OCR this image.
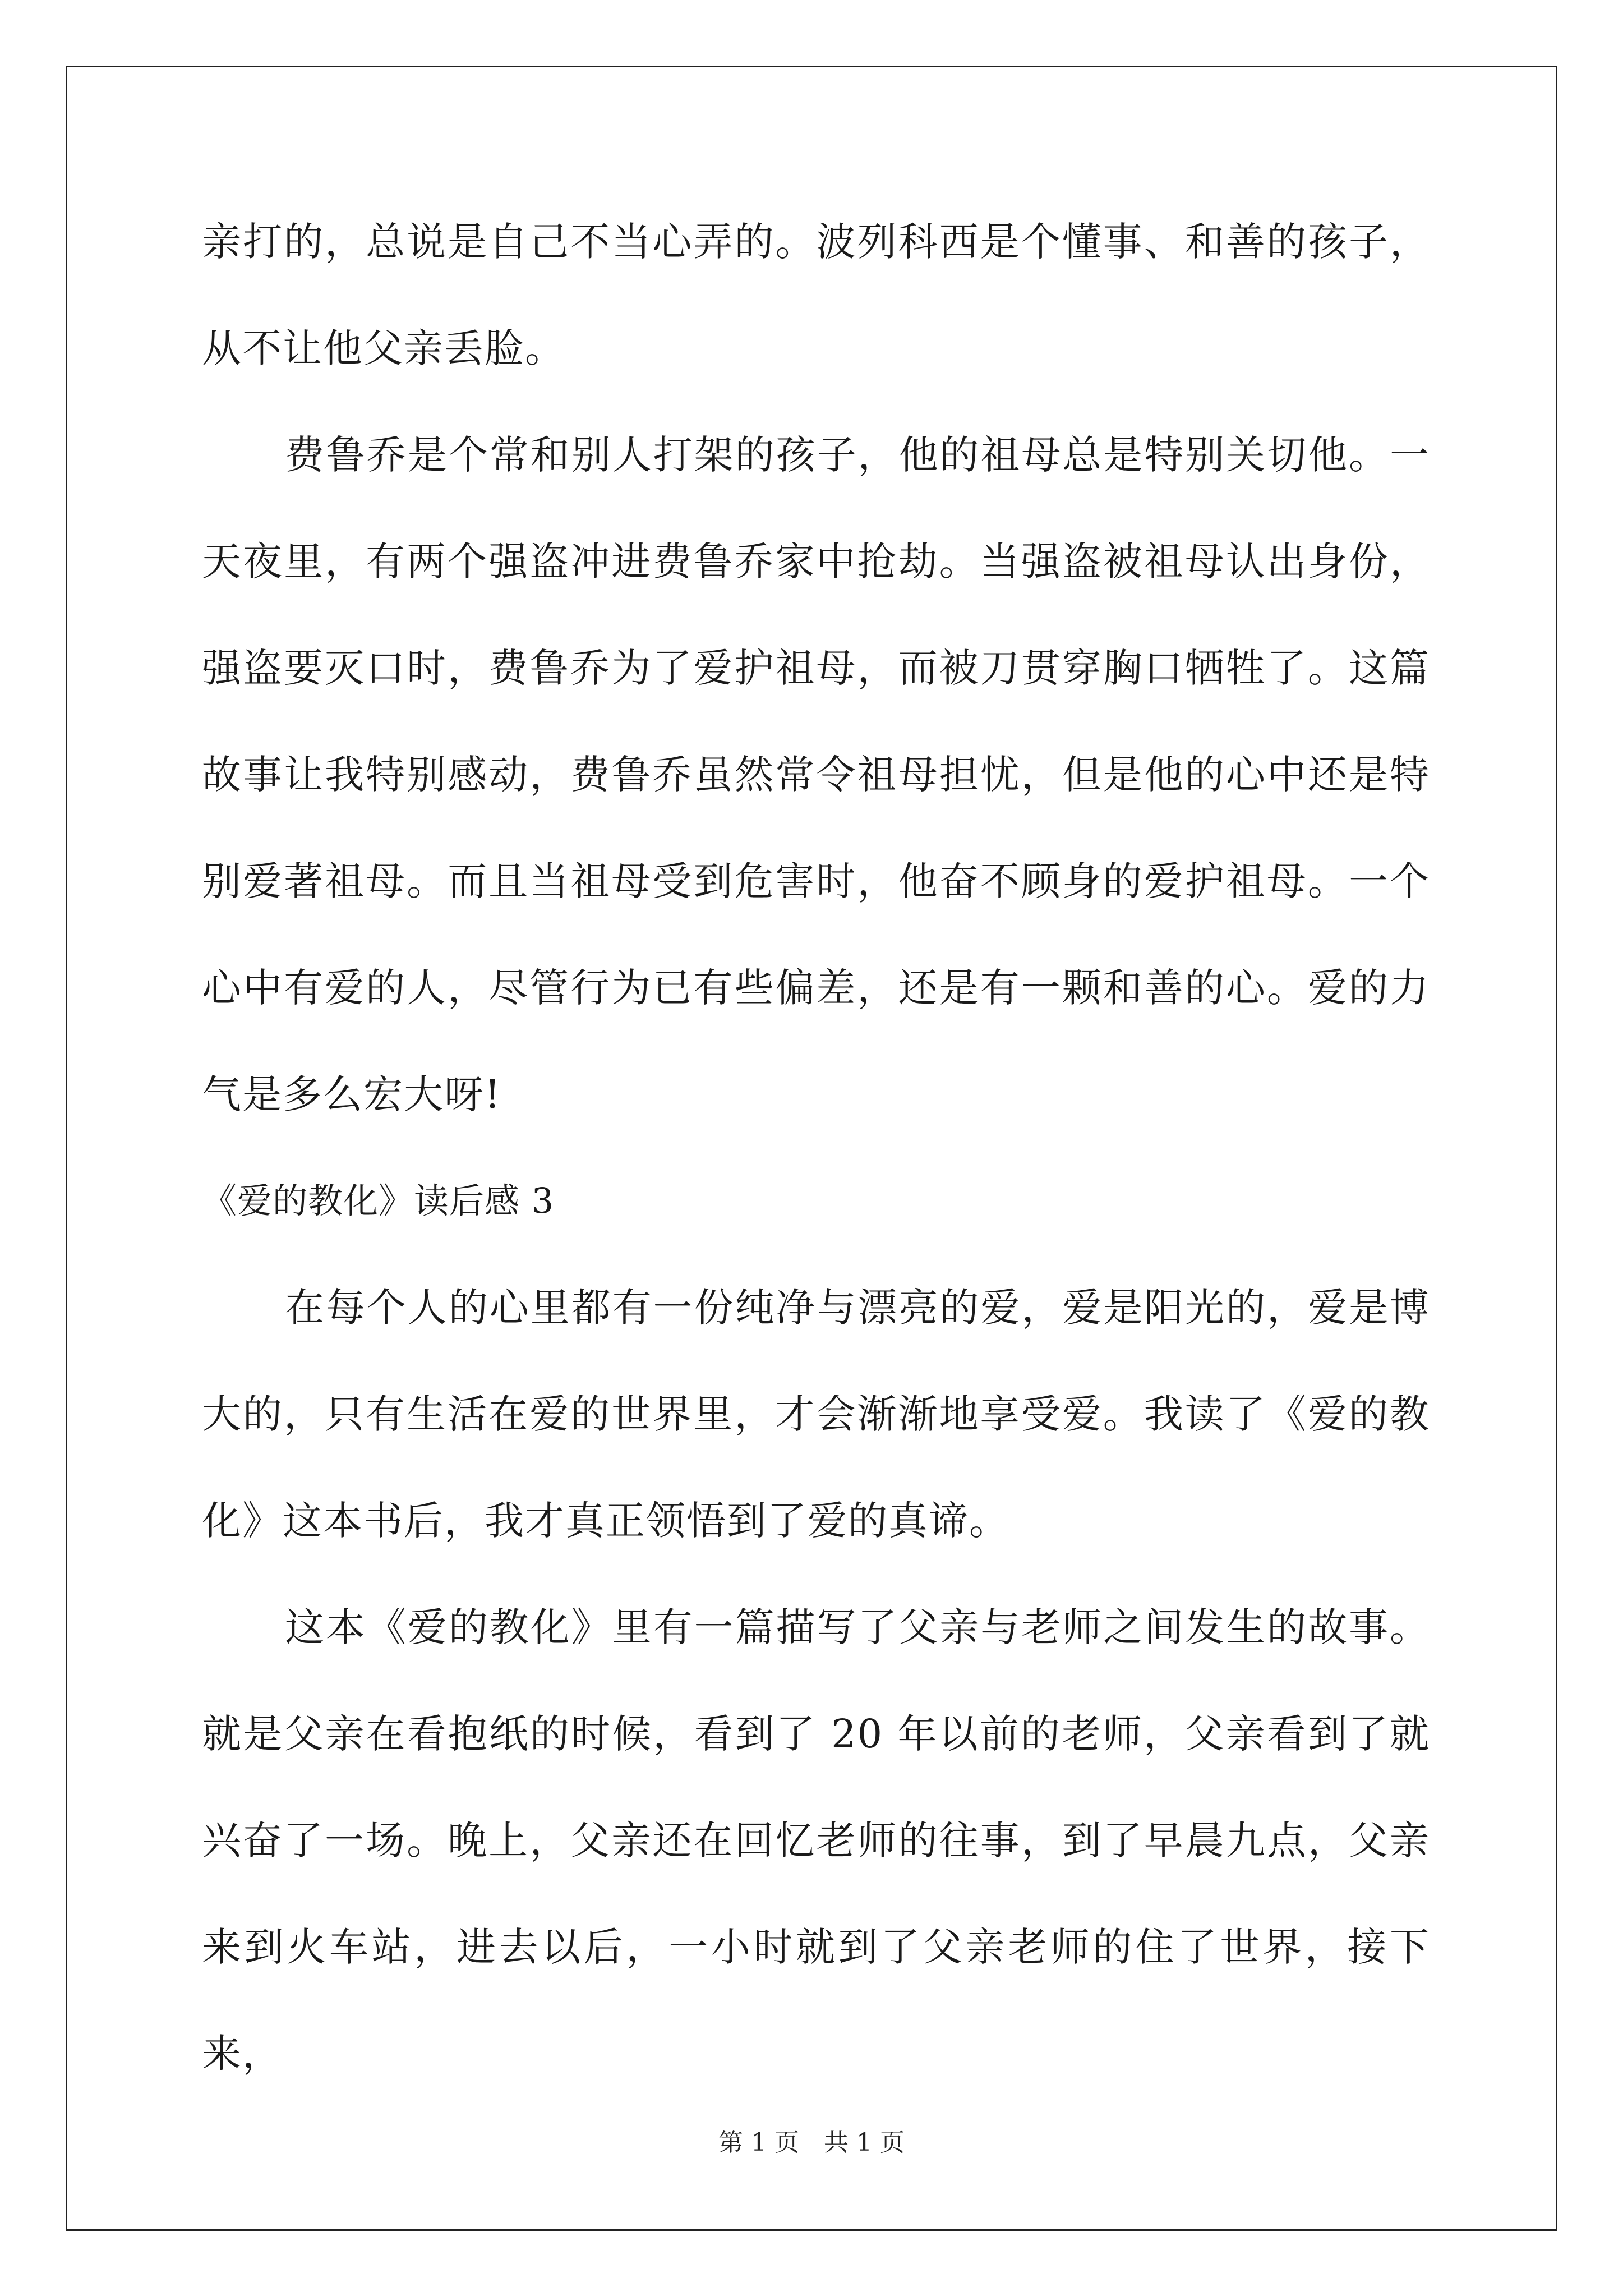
亲打的，总说是自己不当心弄的。波列科西是个懂事、和善的孩子，从不让他父亲丢脸。

费鲁乔是个常和别人打架的孩子，他的祖母总是特别关切他。一天夜里，有两个强盗冲进费鲁乔家中抢劫。当强盗被祖母认出身份，强盗要灭口时，费鲁乔为了爱护祖母，而被刀贯穿胸口牺牲了。这篇故事让我特别感动，费鲁乔虽然常令祖母担忧，但是他的心中还是特别爱著祖母。而且当祖母受到危害时，他奋不顾身的爱护祖母。一个心中有爱的人，尽管行为已有些偏差，还是有一颗和善的心。爱的力气是多么宏大呀!

《爱的教化》读后感 3

在每个人的心里都有一份纯净与漂亮的爱，爱是阳光的，爱是博大的，只有生活在爱的世界里，才会渐渐地享受爱。我读了《爱的教化》这本书后，我才真正领悟到了爱的真谛。

这本《爱的教化》里有一篇描写了父亲与老师之间发生的故事。就是父亲在看抱纸的时候，看到了 20 年以前的老师，父亲看到了就兴奋了一场。晚上，父亲还在回忆老师的往事，到了早晨九点，父亲来到火车站，进去以后，一小时就到了父亲老师的住了世界，接下来，

第 1 页　共 1 页
